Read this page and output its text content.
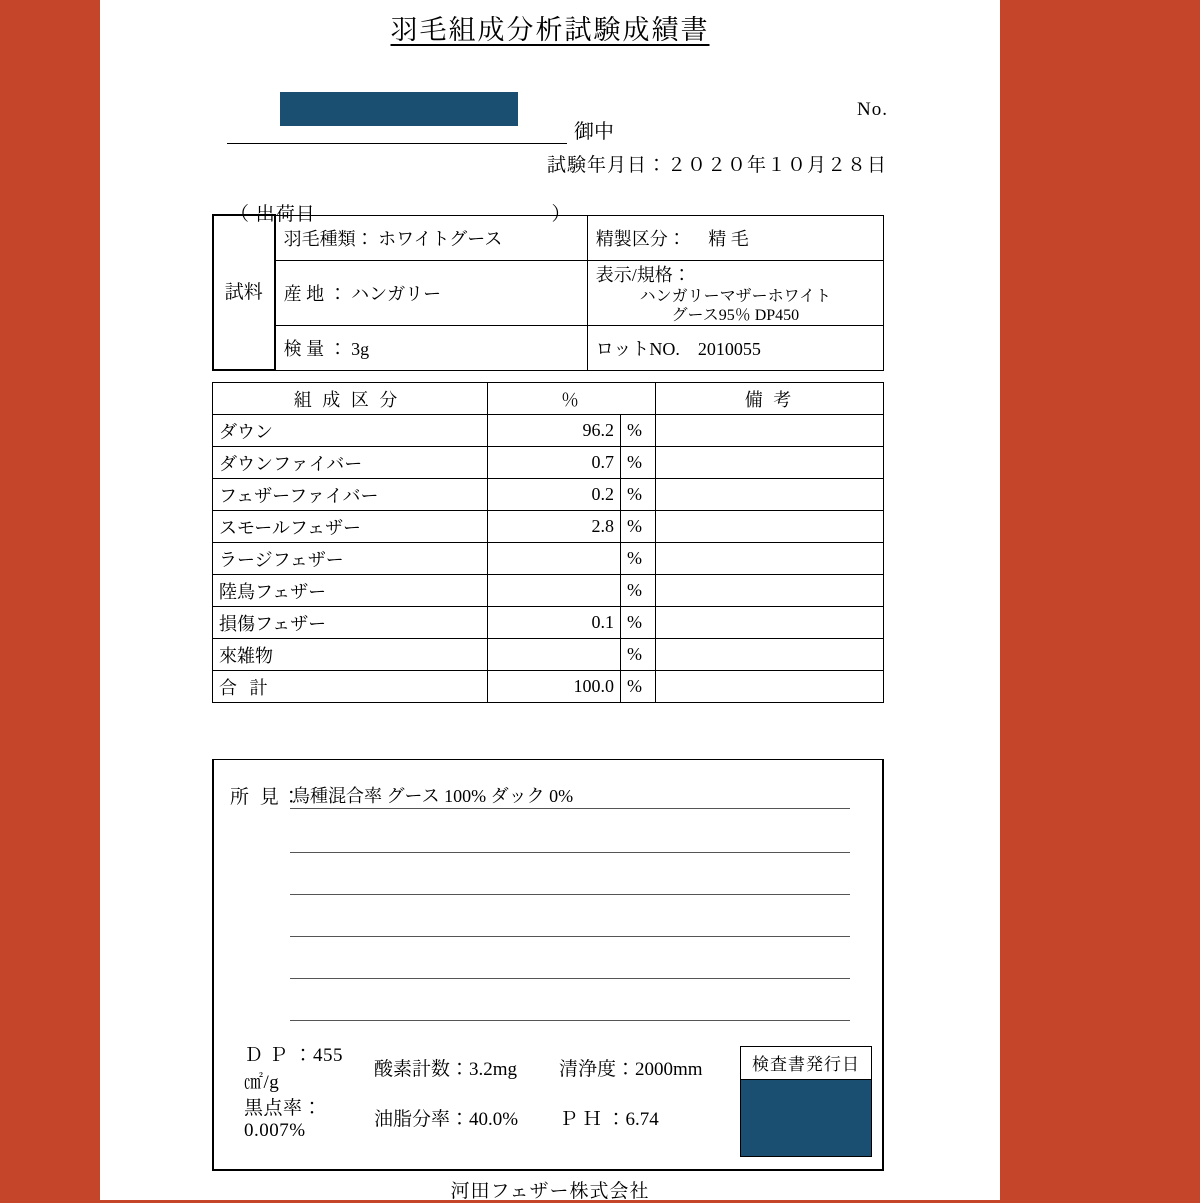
羽毛組成分析試験成績書
御中
No.
試験年月日：２０２０年１０月２８日
（ 出荷日	）
試料	羽毛種類： ホワイトグース	精製区分： 精 毛
	産 地 ： ハンガリー	表示/規格：
ハンガリーマザーホワイト
グース95％ DP450

	検 量 ： 3g	ロットNO. 2010055
組 成 区 分	％		備 考
ダウン	96.2	%	
ダウンファイバー	0.7	%	
フェザーファイバー	0.2	%	
スモールフェザー	2.8	%	
ラージフェザー		%	
陸鳥フェザー		%	
損傷フェザー	0.1	%	
來雑物		%	
合 計	100.0	%	
所 見：
鳥種混合率 グース 100% ダック 0%
Ｄ Ｐ ：455㎠/g
酸素計数：3.2mg	清浄度：2000mm
黒点率：0.007%
油脂分率：40.0%	Ｐ Ｈ ：6.74
検査書発行日
河田フェザー株式会社
